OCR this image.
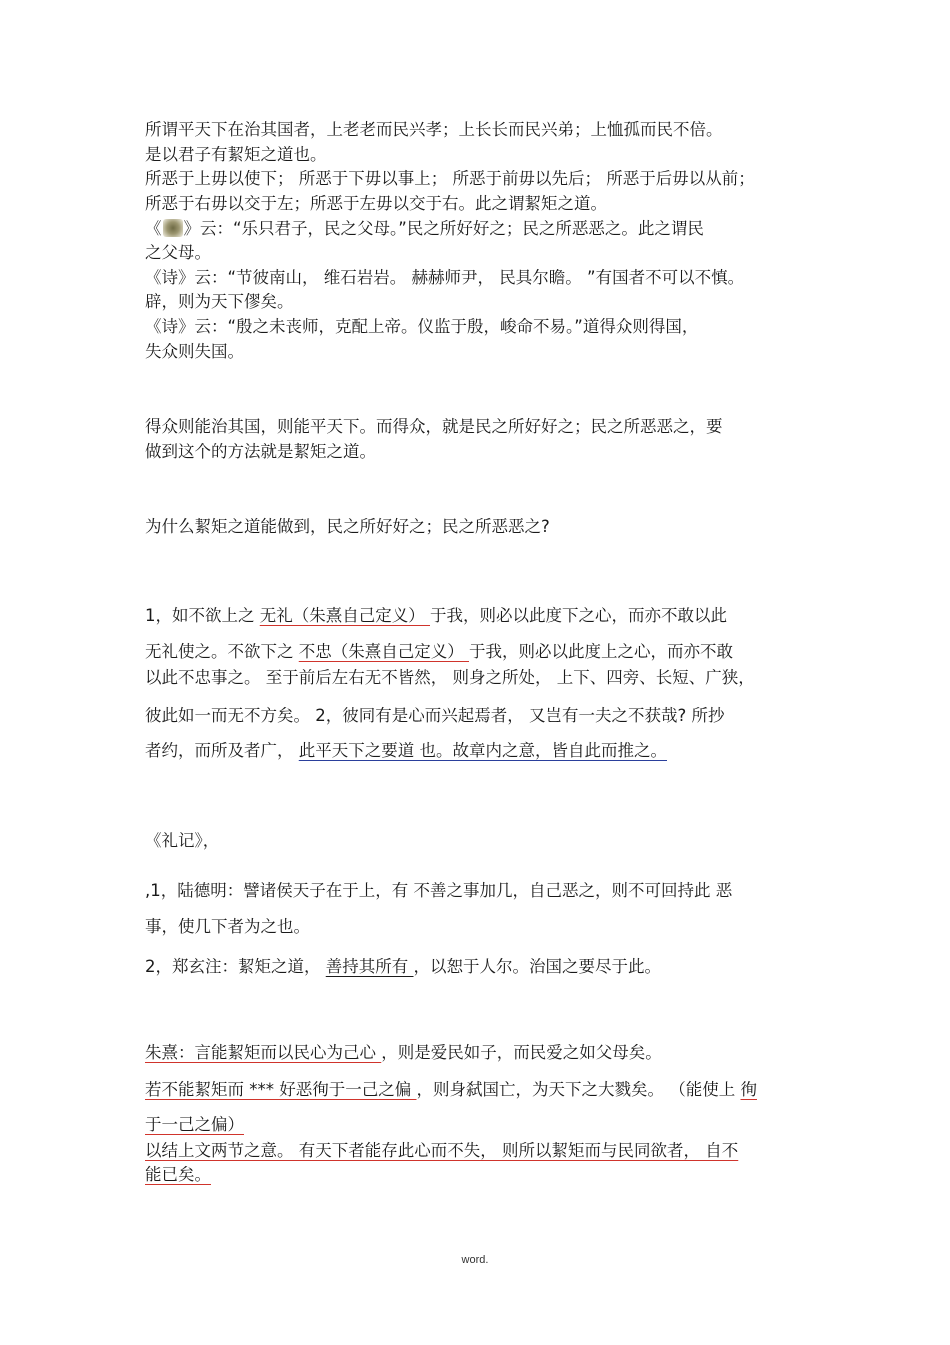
所谓平天下在治其国者，上老老而民兴孝；上长长而民兴弟；上恤孤而民不倍。
是以君子有絜矩之道也。
所恶于上毋以使下； 所恶于下毋以事上； 所恶于前毋以先后； 所恶于后毋以从前；
所恶于右毋以交于左；所恶于左毋以交于右。此之谓絜矩之道。
《 》云：“乐只君子，民之父母。”民之所好好之；民之所恶恶之。此之谓民
之父母。
《诗》云：“节彼南山， 维石岩岩。 赫赫师尹， 民具尔瞻。 ”有国者不可以不慎。
辟，则为天下僇矣。
《诗》云：“殷之未丧师，克配上帝。仪监于殷，峻命不易。”道得众则得国，
失众则失国。
得众则能治其国，则能平天下。而得众，就是民之所好好之；民之所恶恶之，要
做到这个的方法就是絜矩之道。
为什么絜矩之道能做到，民之所好好之；民之所恶恶之?
1，如不欲上之 无礼（朱熹自己定义） 于我，则必以此度下之心，而亦不敢以此
无礼使之。不欲下之 不忠（朱熹自己定义） 于我，则必以此度上之心，而亦不敢
以此不忠事之。 至于前后左右无不皆然， 则身之所处， 上下、四旁、长短、广狭，
彼此如一而无不方矣。 2，彼同有是心而兴起焉者， 又岂有一夫之不获哉? 所抄
者约，而所及者广， 此平天下之要道 也。故章内之意，皆自此而推之。
《礼记》，
,1，陆德明：譬诸侯天子在于上，有 不善之事加几，自己恶之，则不可回持此 恶
事，使几下者为之也。
2，郑玄注：絜矩之道， 善持其所有 ，以恕于人尔。治国之要尽于此。
朱熹：言能絜矩而以民心为己心 ，则是爱民如子，而民爱之如父母矣。
若不能絜矩而 *** 好恶徇于一己之偏 ，则身弑国亡，为天下之大戮矣。 （能使上 徇
于一己之偏）
以结上文两节之意。 有天下者能存此心而不失， 则所以絜矩而与民同欲者， 自不
能已矣。
word.
